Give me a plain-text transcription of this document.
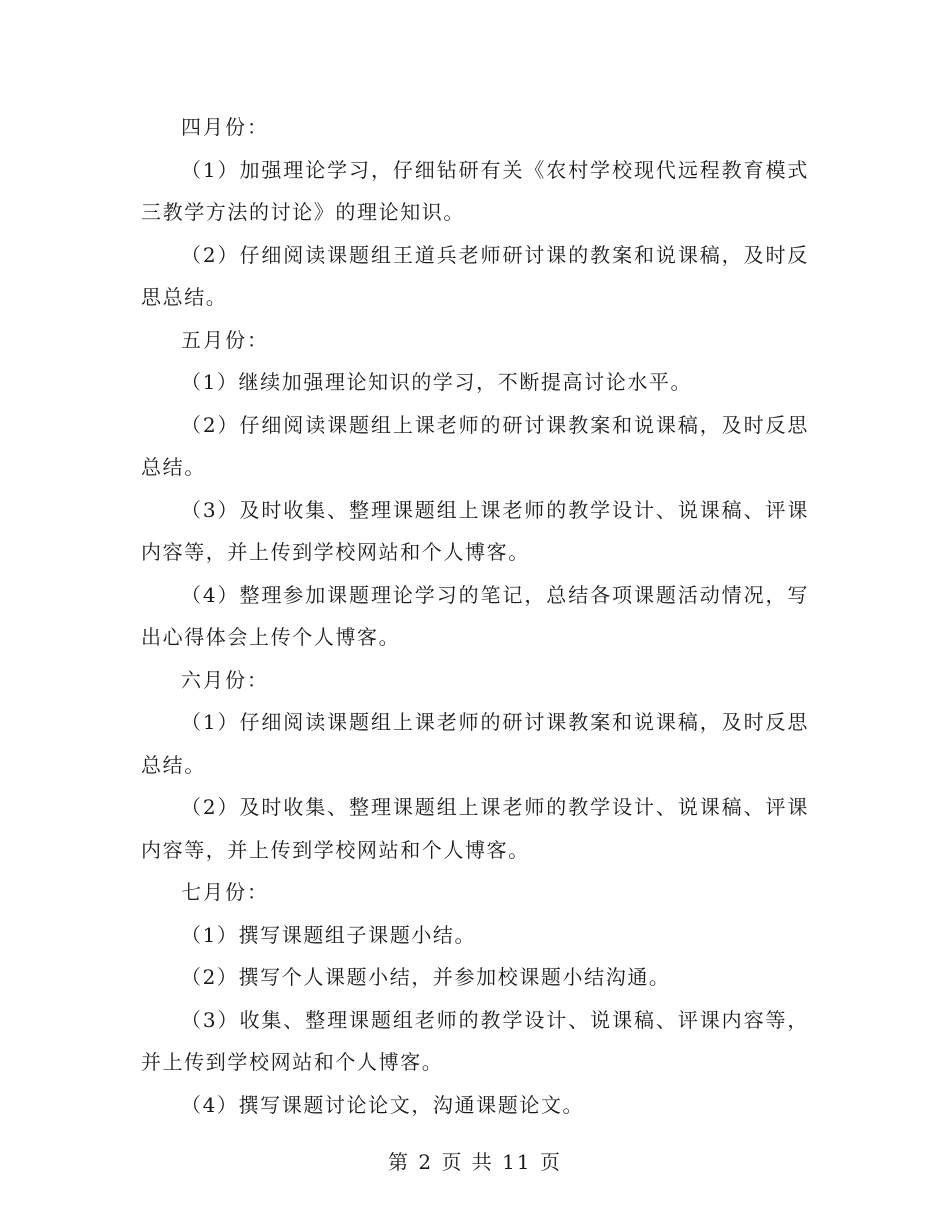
四月份：

（1）加强理论学习，仔细钻研有关《农村学校现代远程教育模式三教学方法的讨论》的理论知识。

（2）仔细阅读课题组王道兵老师研讨课的教案和说课稿，及时反思总结。

五月份：

（1）继续加强理论知识的学习，不断提高讨论水平。

（2）仔细阅读课题组上课老师的研讨课教案和说课稿，及时反思总结。

（3）及时收集、整理课题组上课老师的教学设计、说课稿、评课内容等，并上传到学校网站和个人博客。

（4）整理参加课题理论学习的笔记，总结各项课题活动情况，写出心得体会上传个人博客。

六月份：

（1）仔细阅读课题组上课老师的研讨课教案和说课稿，及时反思总结。

（2）及时收集、整理课题组上课老师的教学设计、说课稿、评课内容等，并上传到学校网站和个人博客。

七月份：

（1）撰写课题组子课题小结。

（2）撰写个人课题小结，并参加校课题小结沟通。

（3）收集、整理课题组老师的教学设计、说课稿、评课内容等，并上传到学校网站和个人博客。

（4）撰写课题讨论论文，沟通课题论文。

第 2 页 共 11 页
